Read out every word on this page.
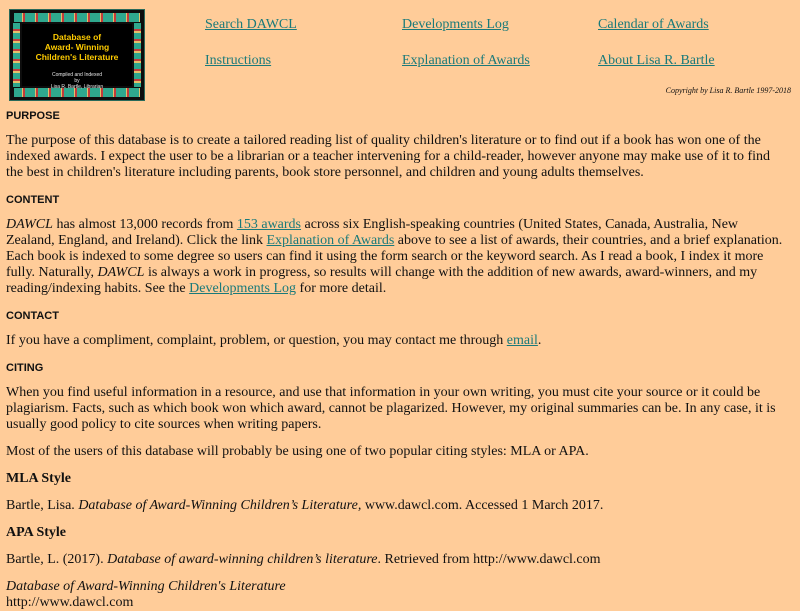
Database of
Award- Winning
Children's Literature
Compiled and Indexed
by
Lisa R. Bartle, Librarian
Search DAWCL	Developments Log	Calendar of Awards
Instructions	Explanation of Awards	About Lisa R. Bartle
Copyright by Lisa R. Bartle 1997-2018
PURPOSE

The purpose of this database is to create a tailored reading list of quality children's literature or to find out if a book has won one of the indexed awards. I expect the user to be a librarian or a teacher intervening for a child-reader, however anyone may make use of it to find the best in children's literature including parents, book store personnel, and children and young adults themselves.

CONTENT

DAWCL has almost 13,000 records from 153 awards across six English-speaking countries (United States, Canada, Australia, New Zealand, England, and Ireland). Click the link Explanation of Awards above to see a list of awards, their countries, and a brief explanation. Each book is indexed to some degree so users can find it using the form search or the keyword search. As I read a book, I index it more fully. Naturally, DAWCL is always a work in progress, so results will change with the addition of new awards, award-winners, and my reading/indexing habits. See the Developments Log for more detail.

CONTACT

If you have a compliment, complaint, problem, or question, you may contact me through email.

CITING

When you find useful information in a resource, and use that information in your own writing, you must cite your source or it could be plagiarism. Facts, such as which book won which award, cannot be plagarized. However, my original summaries can be. In any case, it is usually good policy to cite sources when writing papers.

Most of the users of this database will probably be using one of two popular citing styles: MLA or APA.

MLA Style

Bartle, Lisa. Database of Award-Winning Children’s Literature, www.dawcl.com. Accessed 1 March 2017.

APA Style

Bartle, L. (2017). Database of award-winning children’s literature. Retrieved from http://www.dawcl.com

Database of Award-Winning Children's Literature
http://www.dawcl.com
